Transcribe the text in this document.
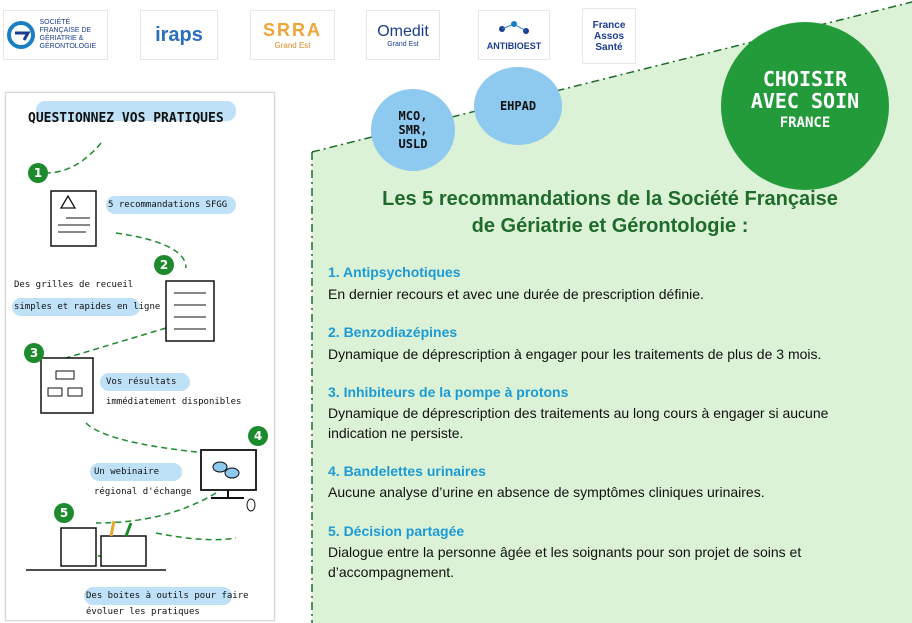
SOCIÉTÉ FRANÇAISE DE GÉRIATRIE & GÉRONTOLOGIE
iraps	SRRA
Grand Est
Omedit
Grand Est	ANTIBIOEST
France Assos Santé
CHOISIR
AVEC SOIN
FRANCE
MCO,
SMR,
USLD
EHPAD
QUESTIONNEZ VOS PRATIQUES
1
5 recommandations SFGG
2
Des grilles de recueil
simples et rapides en ligne
3
Vos résultats
immédiatement disponibles
4
Un webinaire
régional d'échange
5
Des boites à outils pour faire
évoluer les pratiques
Les 5 recommandations de la Société Française
de Gériatrie et Gérontologie :
1. Antipsychotiques
En dernier recours et avec une durée de prescription définie.
2. Benzodiazépines
Dynamique de déprescription à engager pour les traitements de plus de 3 mois.
3. Inhibiteurs de la pompe à protons
Dynamique de déprescription des traitements au long cours à engager si aucune indication ne persiste.
4. Bandelettes urinaires
Aucune analyse d’urine en absence de symptômes cliniques urinaires.
5. Décision partagée
Dialogue entre la personne âgée et les soignants pour son projet de soins et d’accompagnement.
